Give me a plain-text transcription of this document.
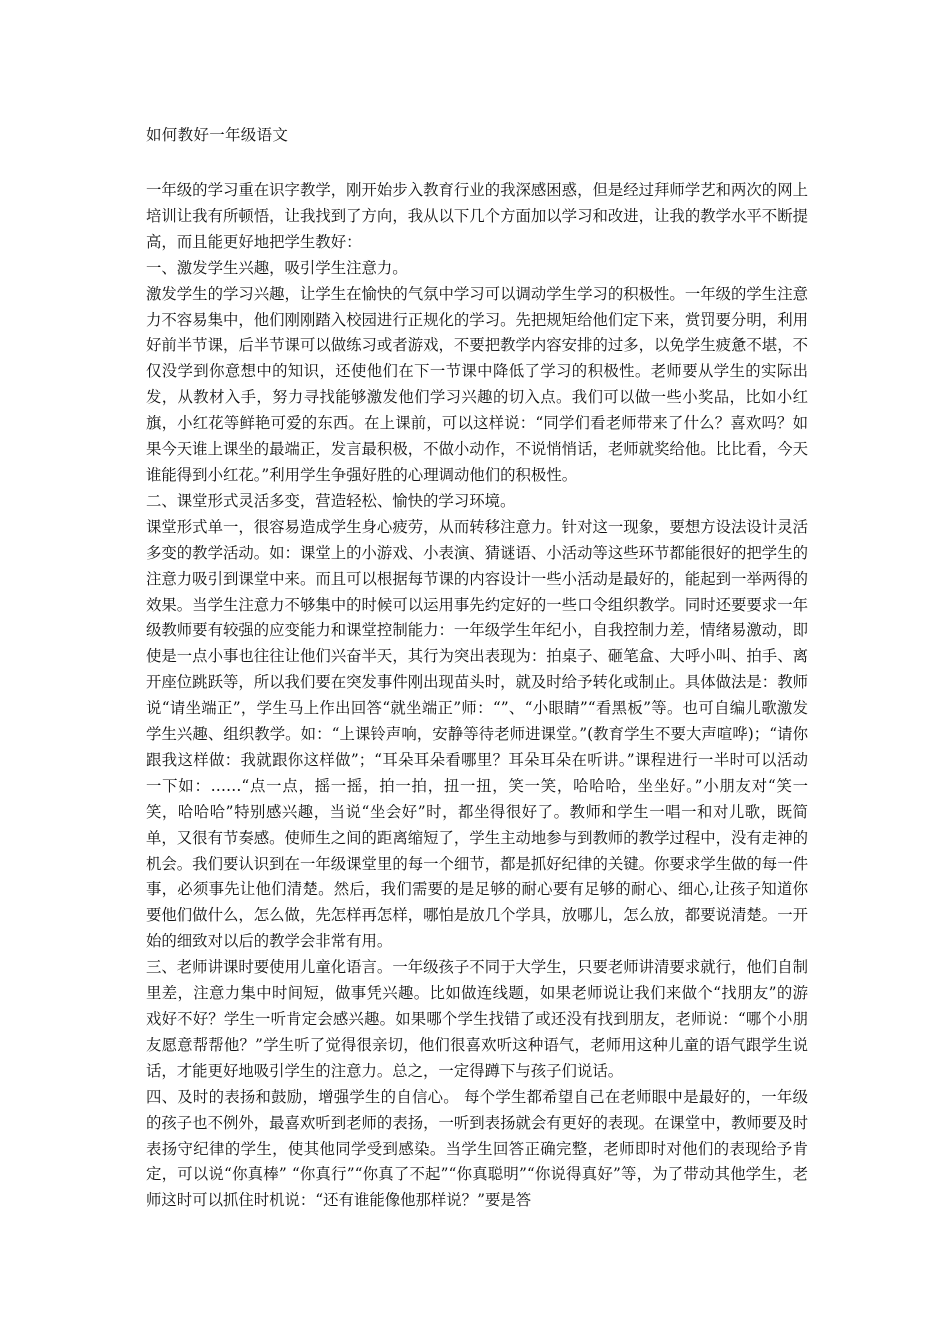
如何教好一年级语文

一年级的学习重在识字教学，刚开始步入教育行业的我深感困惑，但是经过拜师学艺和两次的网上培训让我有所顿悟，让我找到了方向，我从以下几个方面加以学习和改进，让我的教学水平不断提高，而且能更好地把学生教好：

一、激发学生兴趣，吸引学生注意力。

激发学生的学习兴趣，让学生在愉快的气氛中学习可以调动学生学习的积极性。一年级的学生注意力不容易集中，他们刚刚踏入校园进行正规化的学习。先把规矩给他们定下来，赏罚要分明，利用好前半节课，后半节课可以做练习或者游戏，不要把教学内容安排的过多，以免学生疲惫不堪，不仅没学到你意想中的知识，还使他们在下一节课中降低了学习的积极性。老师要从学生的实际出发，从教材入手，努力寻找能够激发他们学习兴趣的切入点。我们可以做一些小奖品，比如小红旗，小红花等鲜艳可爱的东西。在上课前，可以这样说：“同学们看老师带来了什么？喜欢吗？如果今天谁上课坐的最端正，发言最积极，不做小动作，不说悄悄话，老师就奖给他。比比看，今天谁能得到小红花。”利用学生争强好胜的心理调动他们的积极性。

二、课堂形式灵活多变，营造轻松、愉快的学习环境。

课堂形式单一，很容易造成学生身心疲劳，从而转移注意力。针对这一现象，要想方设法设计灵活多变的教学活动。如：课堂上的小游戏、小表演、猜谜语、小活动等这些环节都能很好的把学生的注意力吸引到课堂中来。而且可以根据每节课的内容设计一些小活动是最好的，能起到一举两得的效果。当学生注意力不够集中的时候可以运用事先约定好的一些口令组织教学。同时还要要求一年级教师要有较强的应变能力和课堂控制能力：一年级学生年纪小，自我控制力差，情绪易激动，即使是一点小事也往往让他们兴奋半天，其行为突出表现为：拍桌子、砸笔盒、大呼小叫、拍手、离开座位跳跃等，所以我们要在突发事件刚出现苗头时，就及时给予转化或制止。具体做法是：教师说“请坐端正”，学生马上作出回答“就坐端正”师：“”、“小眼睛”“看黑板”等。也可自编儿歌激发学生兴趣、组织教学。如：“上课铃声响，安静等待老师进课堂。”(教育学生不要大声喧哗)；“请你跟我这样做：我就跟你这样做”；“耳朵耳朵看哪里？耳朵耳朵在听讲。”课程进行一半时可以活动一下如：……“点一点，摇一摇，拍一拍，扭一扭，笑一笑，哈哈哈，坐坐好。”小朋友对“笑一笑，哈哈哈”特别感兴趣，当说“坐会好”时，都坐得很好了。教师和学生一唱一和对儿歌，既简单，又很有节奏感。使师生之间的距离缩短了，学生主动地参与到教师的教学过程中，没有走神的机会。我们要认识到在一年级课堂里的每一个细节，都是抓好纪律的关键。你要求学生做的每一件事，必须事先让他们清楚。然后，我们需要的是足够的耐心要有足够的耐心、细心,让孩子知道你要他们做什么，怎么做，先怎样再怎样，哪怕是放几个学具，放哪儿，怎么放，都要说清楚。一开始的细致对以后的教学会非常有用。

三、老师讲课时要使用儿童化语言。一年级孩子不同于大学生，只要老师讲清要求就行，他们自制里差，注意力集中时间短，做事凭兴趣。比如做连线题，如果老师说让我们来做个“找朋友”的游戏好不好？学生一听肯定会感兴趣。如果哪个学生找错了或还没有找到朋友，老师说：“哪个小朋友愿意帮帮他？”学生听了觉得很亲切，他们很喜欢听这种语气，老师用这种儿童的语气跟学生说话，才能更好地吸引学生的注意力。总之，一定得蹲下与孩子们说话。

四、及时的表扬和鼓励，增强学生的自信心。 每个学生都希望自己在老师眼中是最好的，一年级的孩子也不例外，最喜欢听到老师的表扬，一听到表扬就会有更好的表现。在课堂中，教师要及时表扬守纪律的学生，使其他同学受到感染。当学生回答正确完整，老师即时对他们的表现给予肯定，可以说“你真棒” “你真行”“你真了不起”“你真聪明”“你说得真好”等，为了带动其他学生，老师这时可以抓住时机说：“还有谁能像他那样说？”要是答
